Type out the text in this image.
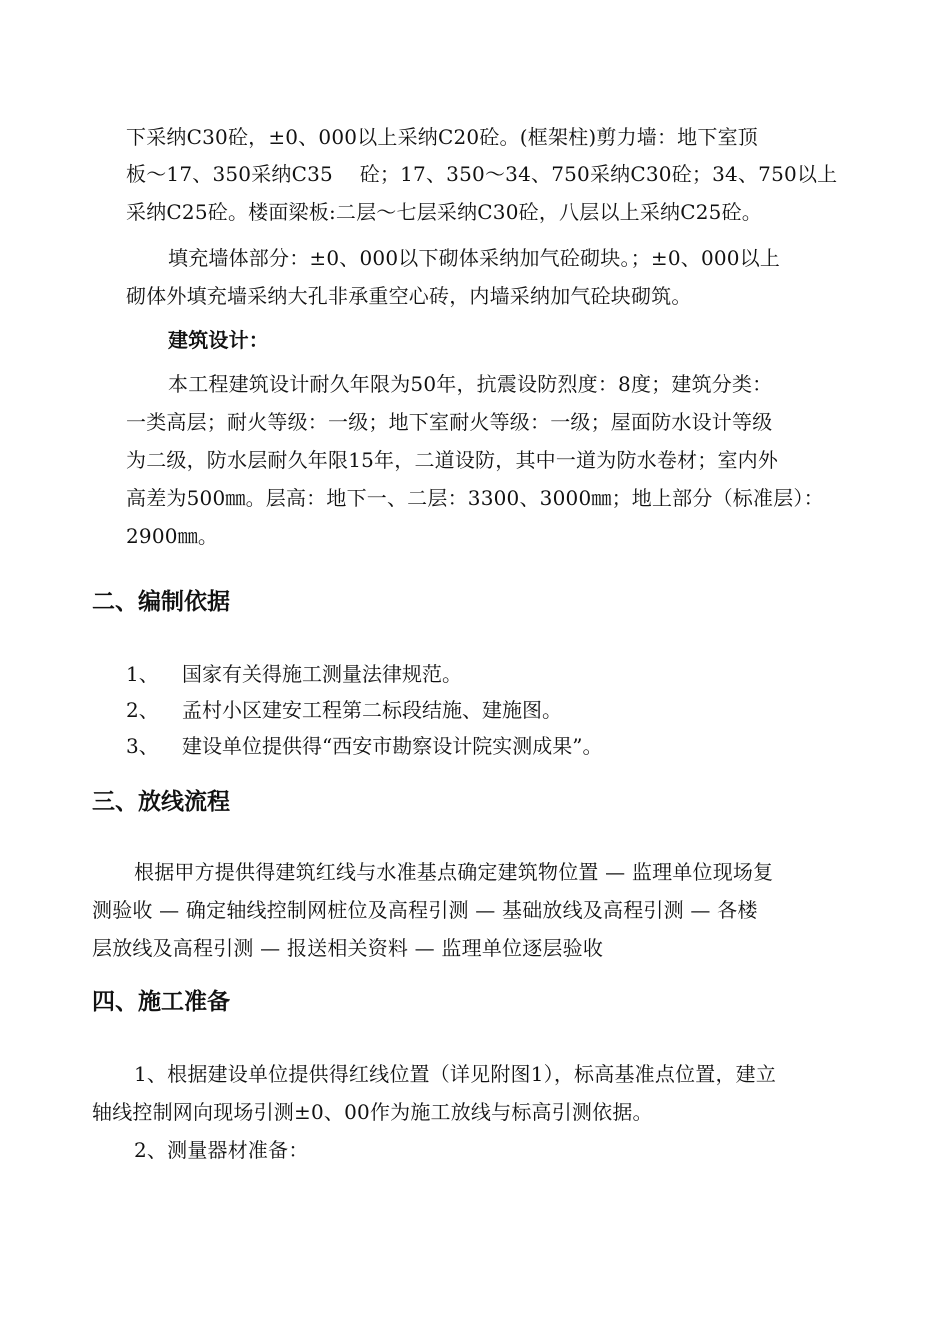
下采纳C30砼，±0、000以上采纳C20砼。(框架柱)剪力墙：地下室顶
板～17、350采纳C35　 砼；17、350～34、750采纳C30砼；34、750以上
采纳C25砼。楼面梁板:二层～七层采纳C30砼，八层以上采纳C25砼。
填充墙体部分：±0、000以下砌体采纳加气砼砌块。；±0、000以上
砌体外填充墙采纳大孔非承重空心砖，内墙采纳加气砼块砌筑。
建筑设计：
本工程建筑设计耐久年限为50年，抗震设防烈度：8度；建筑分类：
一类高层；耐火等级：一级；地下室耐火等级：一级；屋面防水设计等级
为二级，防水层耐久年限15年，二道设防，其中一道为防水卷材；室内外
高差为500㎜。层高：地下一、二层：3300、3000㎜；地上部分（标准层）：
2900㎜。
二、编制依据
1、 国家有关得施工测量法律规范。
2、 孟村小区建安工程第二标段结施、建施图。
3、 建设单位提供得“西安市勘察设计院实测成果”。
三、放线流程
根据甲方提供得建筑红线与水准基点确定建筑物位置 — 监理单位现场复
测验收 — 确定轴线控制网桩位及高程引测 — 基础放线及高程引测 — 各楼
层放线及高程引测 — 报送相关资料 — 监理单位逐层验收
四、施工准备
1、根据建设单位提供得红线位置（详见附图1），标高基准点位置，建立
轴线控制网向现场引测±0、00作为施工放线与标高引测依据。
2、测量器材准备：
